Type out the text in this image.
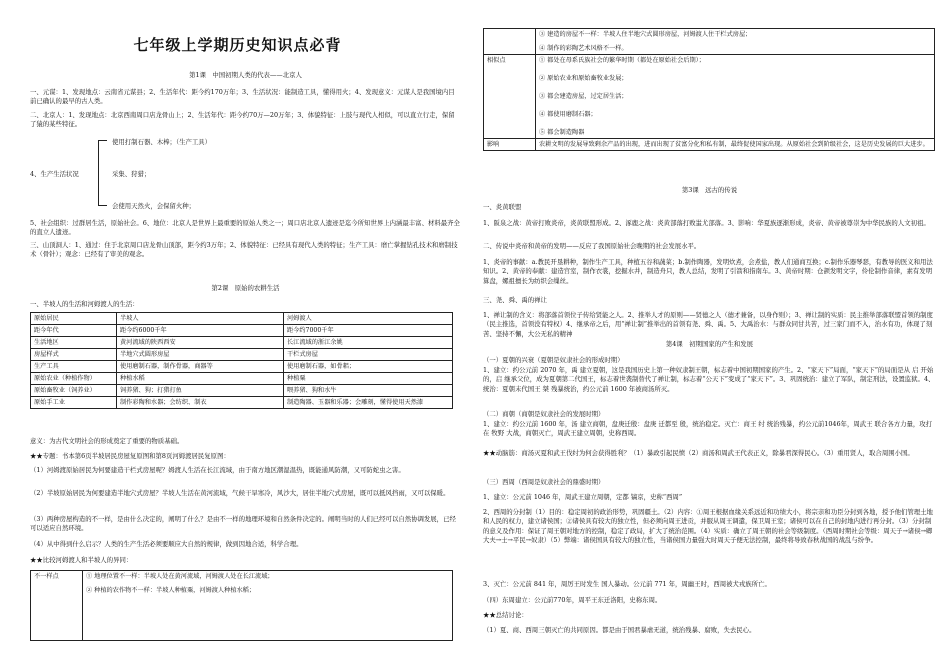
七年级上学期历史知识点必背
第1课　中国初期人类的代表——北京人
一、元谋：1、发现地点：云南省元谋县；2、生活年代：距今约170万年；3、生活状况：能制造工具，懂得用火；4、发现意义：元谋人是我国境内目前已确认的最早的古人类。
二、北京人：1、发现地点：北京西南周口店龙骨山上；2、生活年代：距今约70万—20万年；3、体貌特征：上肢与现代人相似，可以直立行走，保留了猿的某些特征。
4、生产生活状况
使用打制石器、木棒；（生产工具）
采集、狩猎；
会使用天然火，会保留火种；
5、社会组织：过群居生活，原始社会。6、地位：北京人是世界上最重要的原始人类之一；周口店北京人遗迹是迄今所知世界上内涵最丰富、材料最齐全的直立人遗迹。
三、山顶洞人：1、通过：住于北京周口店龙骨山顶部，距今约3万年；2、体貌特征：已经具有现代人类的特征；生产工具：磨亡掌握钻孔技术和磨制技术（骨针）；观念：已经有了审美的观念。
第2课　原始的农耕生活
一、半坡人的生活和河姆渡人的生活：
原始居民	半坡人	河姆渡人
距今年代	距今约6000千年	距今约7000千年
生活地区	黄河流域的陕西西安	长江流域的浙江余姚
房屋样式	半地穴式圆形房屋	干栏式房屋
生产工具	使用磨制石器，制作骨器，商器等	使用磨制石器，如骨耜；
原始农业（种植作物）	种植水稻	种植粟
原始畜牧业（饲养业）	饲养猪、狗；打猎打鱼	喂养猪、狗和水牛
原始手工业	制作彩陶和水器；会纺织、制衣	制造陶器、玉器和乐器；会雕刻，懂得使用天然漆
意义：为古代文明社会的形成奠定了重要的物质基础。
★★专题：书本第6页半坡居民房屋复原图和第8页河姆渡居民复原图：
（1）河姆渡原始居民为何要建造干栏式房屋呢？姆渡人生活在长江流域，由于南方地区潮湿温热，既能通风防潮，又可防蛇虫之害。
（2）半坡原始居民为何要建造半地穴式房屋？半坡人生活在黄河流域，气候干旱寒冷，风沙大，居住半地穴式房屋，既可以抵风挡雨，又可以保暖。
（3）两种房屋构造的不一样，是由什么决定的，阐明了什么？是由不一样的地理环境和自然条件决定的。阐明当时的人们已经可以自然协调发展，已经可以适应自然环境。
（4）从中得到什么启示？人类的生产生活必须要顺应大自然的规律，做到因地合适，科学合理。
★★比较河姆渡人和半坡人的异同：
不一样点	① 地理位置不一样：半坡人处在黄河流域，河姆渡人处在长江流域；
② 种植的农作物不一样：半坡人种植粟，河姆渡人种植水稻；

	③ 建造的房屋不一样：半坡人住半地穴式圆形房屋，河姆渡人住干栏式房屋；
④ 制作的彩陶艺术风格不一样。

相似点	① 都处在母系氏族社会的繁华时期（都处在原始社会后期）；
② 原始农业和原始畜牧业发展；
③ 都会建造房屋，过定居生活；
④ 都使用磨制石器；
⑤ 都会制造陶器

影响	农耕文明的发展导致剩余产品的出现，进而出现了贫富分化和私有制，最终促使国家出现。从原始社会到阶级社会，这是历史发展的巨大进步。
第3课　远古的传说
一、炎黄联盟
1、阪泉之战：黄帝打败炎帝，炎黄联盟形成。2、涿鹿之战：炎黄部落打败蚩尤部落。3、影响：华夏族逐渐形成，炎帝、黄帝被尊崇为中华民族的人文初祖。
二、传说中炎帝和黄帝的发明——反应了我国原始社会晚期的社会发展水平。
1、炎帝的事献：a.教民开垦耕种，制作生产工具，种植五谷和蔬菜；b.制作陶器，发明炊煮，会煮盐，教人们通商互换；c.制作乐器琴瑟，有教导的医义和用法知识。2、黄帝的奉献：建造宫室，制作衣裳，挖掘水井，制造舟只，教人总结，发明了引箭和指南车。3、黄帝时期：仓颉发明文字，伶伦制作音律，素有发明算盘，嫘祖擅长为纺织会缫丝。
三、尧、舜、禹的禅让
1、禅让制的含义：将部落首领位子传给贤能之人。2、推举人才的原则——贤德之人（德才兼备，以身作则）；3、禅让制的实质：民主推举部落联盟首领的制度（民主推选，首领没有特权）4、继承帝之后，用“禅让制”推举出的首领有尧、舜、禹。5、大禹治水：与群众同甘共苦，过三家门而不入，治水有功，体现了刻苦、坚持不懈，大公无私的精神
第4课　初期国家的产生和发展
（一）夏朝的兴衰（夏朝是奴隶社会的形成时期）
1、建立：约公元前 2070 年，禹 建立夏朝，这是我国历史上第一种奴隶制王朝，标志着中国初期国家的产生。2、“家天下”局面，“家天下”的局面是从 启 开始的，启 继承父位，成为夏朝第二代国王，标志着世袭制替代了禅让制，标志着“公天下”变成了“家天下”。3、巩固统治：建立了军队，制定刑法，设置监狱。4、统治：夏朝末代国王 桀 残暴统治，约公元前 1600 年被商汤所灭。
（二）商朝（商朝是奴隶社会的发展时期）
1、建立：约公元前 1600 年，汤 建立商朝，盘庚迁殷：盘庚 迁都至 殷，统治稳定。灭亡：商王 纣 统治残暴，约公元前1046年，周武王 联合各方力量，攻打在 牧野 大战，商朝灭亡，周武王建立周朝，史称西周。
★★动脑筋：商汤灭夏和武王伐纣为何会获得胜利？（1）暴政引起民愤（2）商汤和周武王代表正义，除暴君深得民心。（3）重用贤人，取合周围小国。
（三）西周（西周是奴隶社会的鼎盛时期）
1、建立：公元前 1046 年，周武王建立周朝，定都 镐京，史称“西周”
2、西周的分封制（1）目的：稳定周初的政治形势，巩固疆土。（2）内容：①周王根据血缘关系远近和功绩大小，将宗亲和功臣分封到各地，授予他们管理土地和人民的权力，建立诸侯国；②诸侯具有较大的独立性，但必须向周王进贡，并服从周王调遣，保卫周王室；诸侯可以在自己的封地内进行再分封。（3）分封制的意义及作用：保证了周王朝对地方的控制，稳定了政局，扩大了统治范围。（4）实质：确立了周王朝的社会等级制度。（西周时期社会等级：周天子→诸侯→卿大夫→士→平民→奴隶）（5）弊端：诸侯国具有较大的独立性，当诸侯国力量强大时周天子便无法控制，最终将导致春秋战国的战乱与纷争。
3、灭亡：公元前 841 年，周厉王时发生 国人暴动。公元前 771 年，周幽王时，西周被犬戎族所亡。
（四）东周建立：公元前770年，周平王东迁洛阳，史称东周。
★★总结讨论：
（1）夏、商、西周三朝灭亡的共同原因。都是由于国君暴虐无道，统治残暴、腐败，失去民心。
